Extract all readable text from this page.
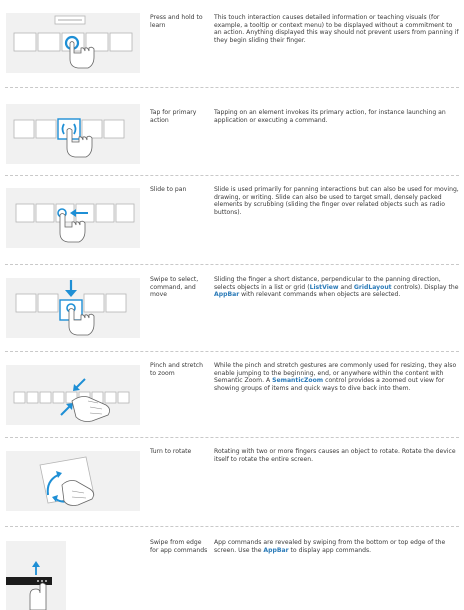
Press and hold to learn
This touch interaction causes detailed information or teaching visuals (for example, a tooltip or context menu) to be displayed without a commitment to an action. Anything displayed this way should not prevent users from panning if they begin sliding their finger.
Tap for primary action
Tapping on an element invokes its primary action, for instance launching an application or executing a command.
Slide to pan	Slide is used primarily for panning interactions but can also be used for moving, drawing, or writing. Slide can also be used to target small, densely packed elements by scrubbing (sliding the finger over related objects such as radio buttons).
Swipe to select, command, and move
Sliding the finger a short distance, perpendicular to the panning direction, selects objects in a list or grid (ListView and GridLayout controls). Display the AppBar with relevant commands when objects are selected.
Pinch and stretch to zoom
While the pinch and stretch gestures are commonly used for resizing, they also enable jumping to the beginning, end, or anywhere within the content with Semantic Zoom. A SemanticZoom control provides a zoomed out view for showing groups of items and quick ways to dive back into them.
Turn to rotate	Rotating with two or more fingers causes an object to rotate. Rotate the device itself to rotate the entire screen.
Swipe from edge for app commands
App commands are revealed by swiping from the bottom or top edge of the screen. Use the AppBar to display app commands.
